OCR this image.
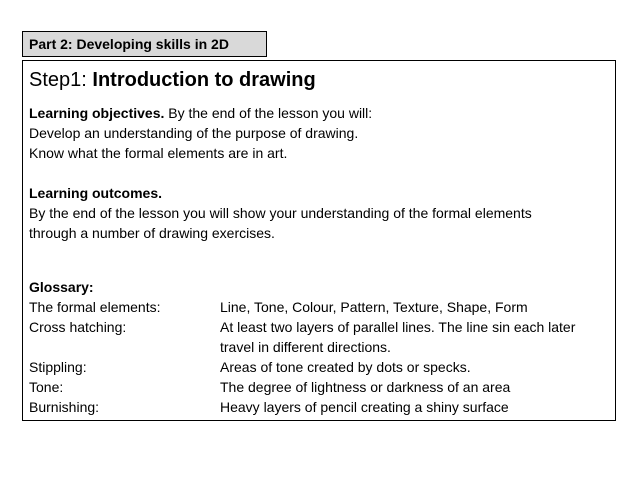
Part 2: Developing skills in 2D
Step1: Introduction to drawing
Learning objectives. By the end of the lesson you will:
Develop an understanding of the purpose of drawing.
Know what the formal elements are in art.
Learning outcomes.
By the end of the lesson you will show your understanding of the formal elements
through a number of drawing exercises.
Glossary:
The formal elements:	Line, Tone, Colour, Pattern, Texture, Shape, Form
Cross hatching:	At least two layers of parallel lines. The line sin each later travel in different directions.
Stippling:	Areas of tone created by dots or specks.
Tone:	The degree of lightness or darkness of an area
Burnishing:	Heavy layers of pencil creating a shiny surface
